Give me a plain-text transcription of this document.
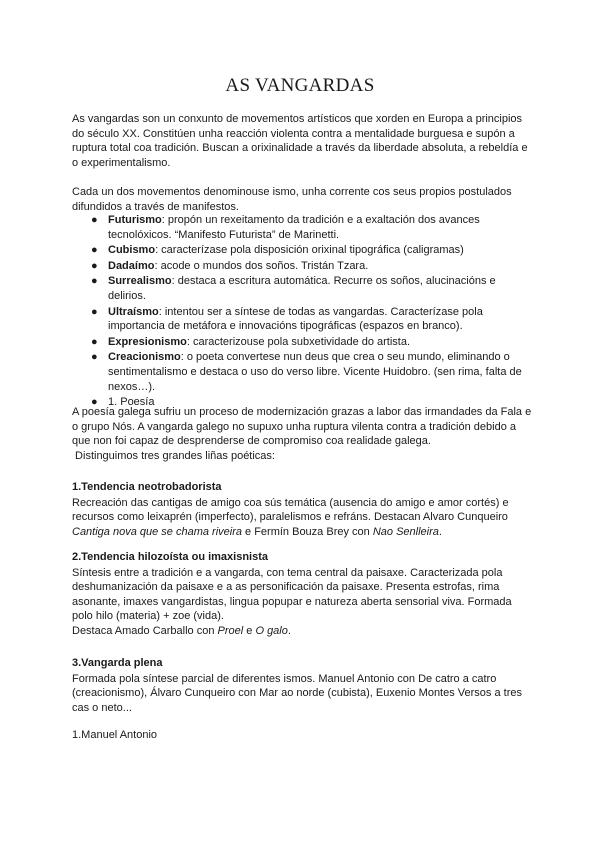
AS VANGARDAS

As vangardas son un conxunto de movementos artísticos que xorden en Europa a principios do século XX. Constitúen unha reacción violenta contra a mentalidade burguesa e supón a ruptura total coa tradición. Buscan a orixinalidade a través da liberdade absoluta, a rebeldía e o experimentalismo.

Cada un dos movementos denominouse ismo, unha corrente cos seus propios postulados difundidos a través de manifestos.

● Futurismo: propón un rexeitamento da tradición e a exaltación dos avances tecnolóxicos. “Manifesto Futurista” de Marinetti.
● Cubismo: caracterízase pola disposición orixinal tipográfica (caligramas)
● Dadaímo: acode o mundos dos soños. Tristán Tzara.
● Surrealismo: destaca a escritura automática. Recurre os soños, alucinacións e delirios.
● Ultraísmo: intentou ser a síntese de todas as vangardas. Caracterízase pola importancia de metáfora e innovacións tipográficas (espazos en branco).
● Expresionismo: caracterizouse pola subxetividade do artista.
● Creacionismo: o poeta convertese nun deus que crea o seu mundo, eliminando o sentimentalismo e destaca o uso do verso libre. Vicente Huidobro. (sen rima, falta de nexos…).
● 1. Poesía

A poesía galega sufriu un proceso de modernización grazas a labor das irmandades da Fala e o grupo Nós. A vangarda galego no supuxo unha ruptura vilenta contra a tradición debido a que non foi capaz de desprenderse de compromiso coa realidade galega.

Distinguimos tres grandes liñas poéticas:

1.Tendencia neotrobadorista

Recreación das cantigas de amigo coa sús temática (ausencia do amigo e amor cortés) e recursos como leixaprén (imperfecto), paralelismos e refráns. Destacan Alvaro Cunqueiro Cantiga nova que se chama riveira e Fermín Bouza Brey con Nao Senlleira.

2.Tendencia hilozoísta ou imaxisnista

Síntesis entre a tradición e a vangarda, con tema central da paisaxe. Caracterizada pola deshumanización da paisaxe e a as personificación da paisaxe. Presenta estrofas, rima asonante, imaxes vangardistas, lingua popupar e natureza aberta sensorial viva. Formada polo hilo (materia) + zoe (vida).

Destaca Amado Carballo con Proel e O galo.

3.Vangarda plena

Formada pola síntese parcial de diferentes ismos. Manuel Antonio con De catro a catro (creacionismo), Álvaro Cunqueiro con Mar ao norde (cubista), Euxenio Montes Versos a tres cas o neto...

1.Manuel Antonio
